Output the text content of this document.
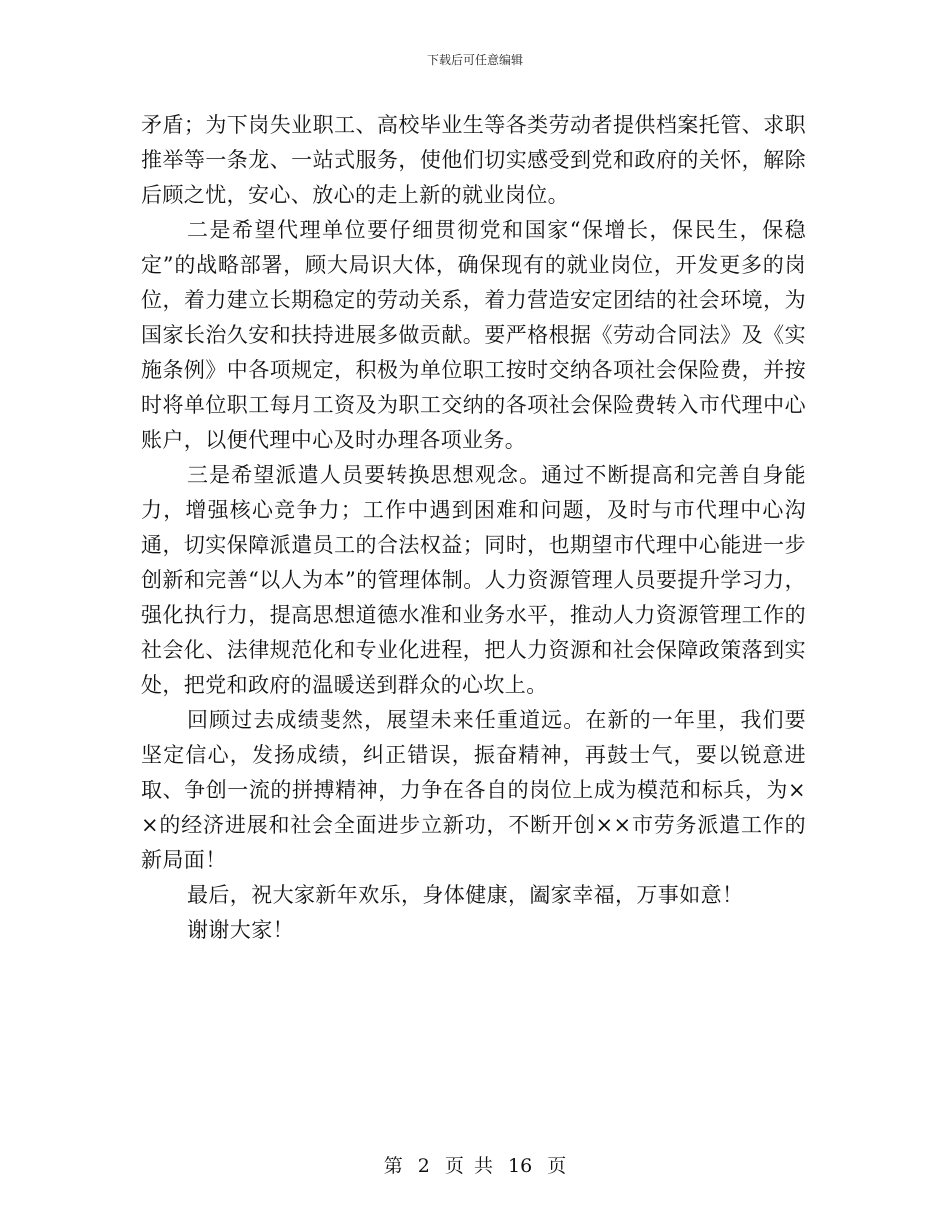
下载后可任意编辑

矛盾；为下岗失业职工、高校毕业生等各类劳动者提供档案托管、求职推举等一条龙、一站式服务，使他们切实感受到党和政府的关怀，解除后顾之忧，安心、放心的走上新的就业岗位。

二是希望代理单位要仔细贯彻党和国家“保增长，保民生，保稳定”的战略部署，顾大局识大体，确保现有的就业岗位，开发更多的岗位，着力建立长期稳定的劳动关系，着力营造安定团结的社会环境，为国家长治久安和扶持进展多做贡献。要严格根据《劳动合同法》及《实施条例》中各项规定，积极为单位职工按时交纳各项社会保险费，并按时将单位职工每月工资及为职工交纳的各项社会保险费转入市代理中心账户，以便代理中心及时办理各项业务。

三是希望派遣人员要转换思想观念。通过不断提高和完善自身能力，增强核心竞争力；工作中遇到困难和问题，及时与市代理中心沟通，切实保障派遣员工的合法权益；同时，也期望市代理中心能进一步创新和完善“以人为本”的管理体制。人力资源管理人员要提升学习力，强化执行力，提高思想道德水准和业务水平，推动人力资源管理工作的社会化、法律规范化和专业化进程，把人力资源和社会保障政策落到实处，把党和政府的温暖送到群众的心坎上。

回顾过去成绩斐然，展望未来任重道远。在新的一年里，我们要坚定信心，发扬成绩，纠正错误，振奋精神，再鼓士气，要以锐意进取、争创一流的拼搏精神，力争在各自的岗位上成为模范和标兵，为××的经济进展和社会全面进步立新功，不断开创××市劳务派遣工作的新局面！

最后，祝大家新年欢乐，身体健康，阖家幸福，万事如意！

谢谢大家！

第 2 页 共 16 页
